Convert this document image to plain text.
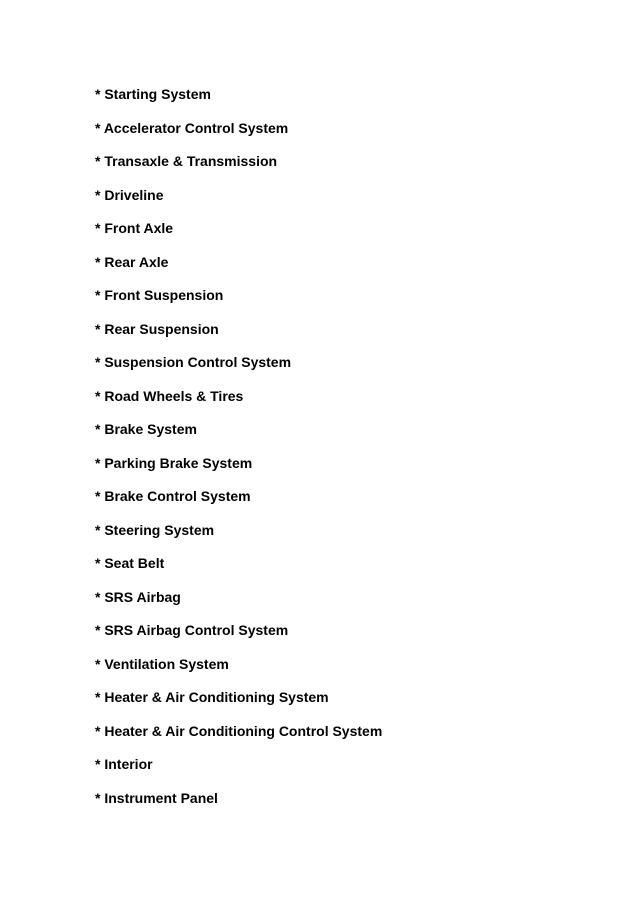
* Starting System
* Accelerator Control System
* Transaxle & Transmission
* Driveline
* Front Axle
* Rear Axle
* Front Suspension
* Rear Suspension
* Suspension Control System
* Road Wheels & Tires
* Brake System
* Parking Brake System
* Brake Control System
* Steering System
* Seat Belt
* SRS Airbag
* SRS Airbag Control System
* Ventilation System
* Heater & Air Conditioning System
* Heater & Air Conditioning Control System
* Interior
* Instrument Panel
